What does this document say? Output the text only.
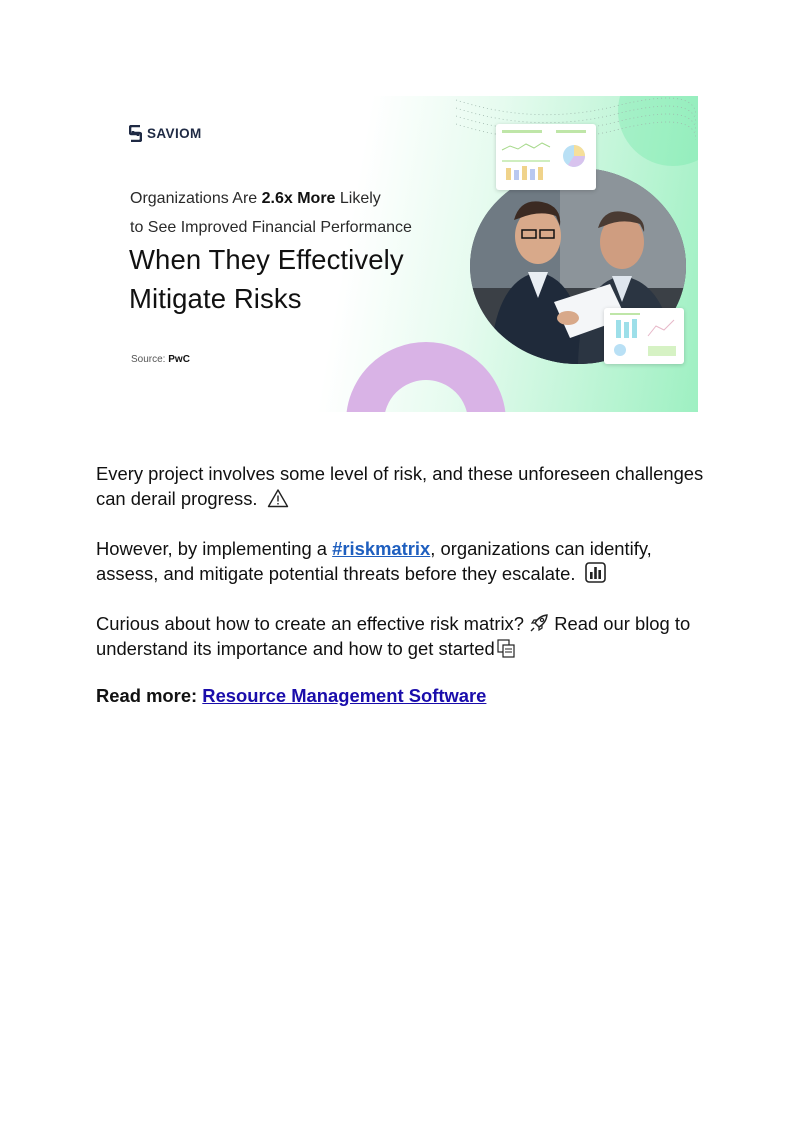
SAVIOM
Organizations Are 2.6x More Likely
to See Improved Financial Performance
When They Effectively
Mitigate Risks
Source: PwC

Every project involves some level of risk, and these unforeseen challenges can derail progress.

However, by implementing a #riskmatrix, organizations can identify, assess, and mitigate potential threats before they escalate.

Curious about how to create an effective risk matrix? Read our blog to understand its importance and how to get started

Read more: Resource Management Software
